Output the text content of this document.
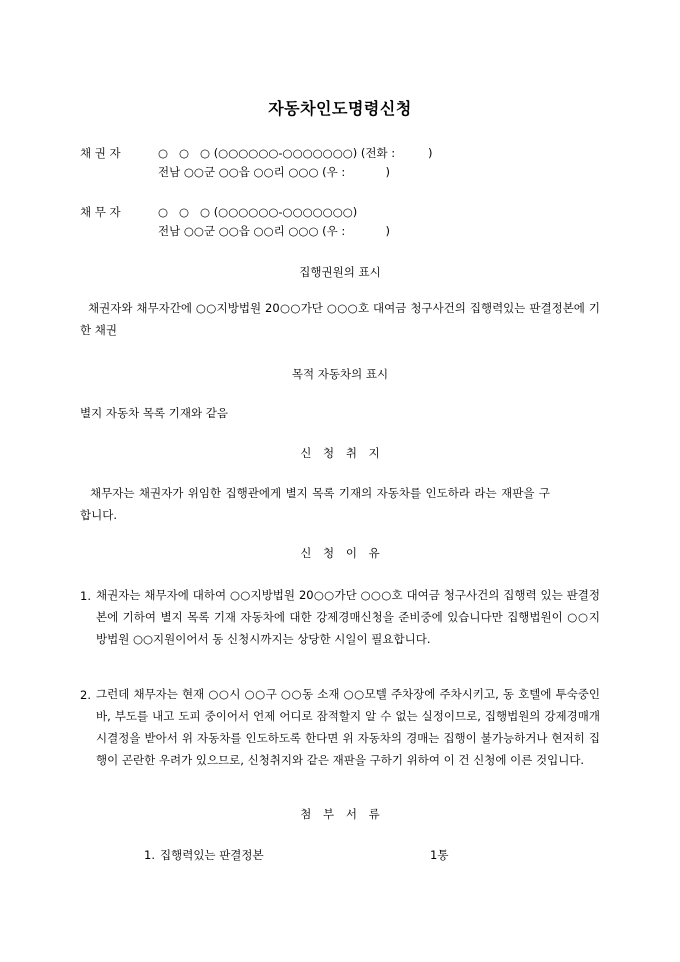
자동차인도명령신청
채 권 자	○   ○   ○ (○○○○○○-○○○○○○○) (전화 :         )
전남 ○○군 ○○읍 ○○리 ○○○ (우 :           )
채 무 자	○   ○   ○ (○○○○○○-○○○○○○○)
전남 ○○군 ○○읍 ○○리 ○○○ (우 :           )
집행권원의 표시
채권자와 채무자간에 ○○지방법원 20○○가단 ○○○호 대여금 청구사건의 집행력있는 판결정본에 기한 채권
목적 자동차의 표시
별지 자동차 목록 기재와 같음
신 청 취 지
채무자는 채권자가 위임한 집행관에게 별지 목록 기재의 자동차를 인도하라 라는 재판을 구합니다.
신 청 이 유
1. 채권자는 채무자에 대하여 ○○지방법원 20○○가단 ○○○호 대여금 청구사건의 집행력 있는 판결정본에 기하여 별지 목록 기재 자동차에 대한 강제경매신청을 준비중에 있습니다만 집행법원이 ○○지방법원 ○○지원이어서 동 신청시까지는 상당한 시일이 필요합니다.
2. 그런데 채무자는 현재 ○○시 ○○구 ○○동 소재 ○○모텔 주차장에 주차시키고, 동 호텔에 투숙중인 바, 부도를 내고 도피 중이어서 언제 어디로 잠적할지 알 수 없는 실정이므로, 집행법원의 강제경매개시결정을 받아서 위 자동차를 인도하도록 한다면 위 자동차의 경매는 집행이 불가능하거나 현저히 집행이 곤란한 우려가 있으므로, 신청취지와 같은 재판을 구하기 위하여 이 건 신청에 이른 것입니다.
첨 부 서 류
1. 집행력있는 판결정본	1통
